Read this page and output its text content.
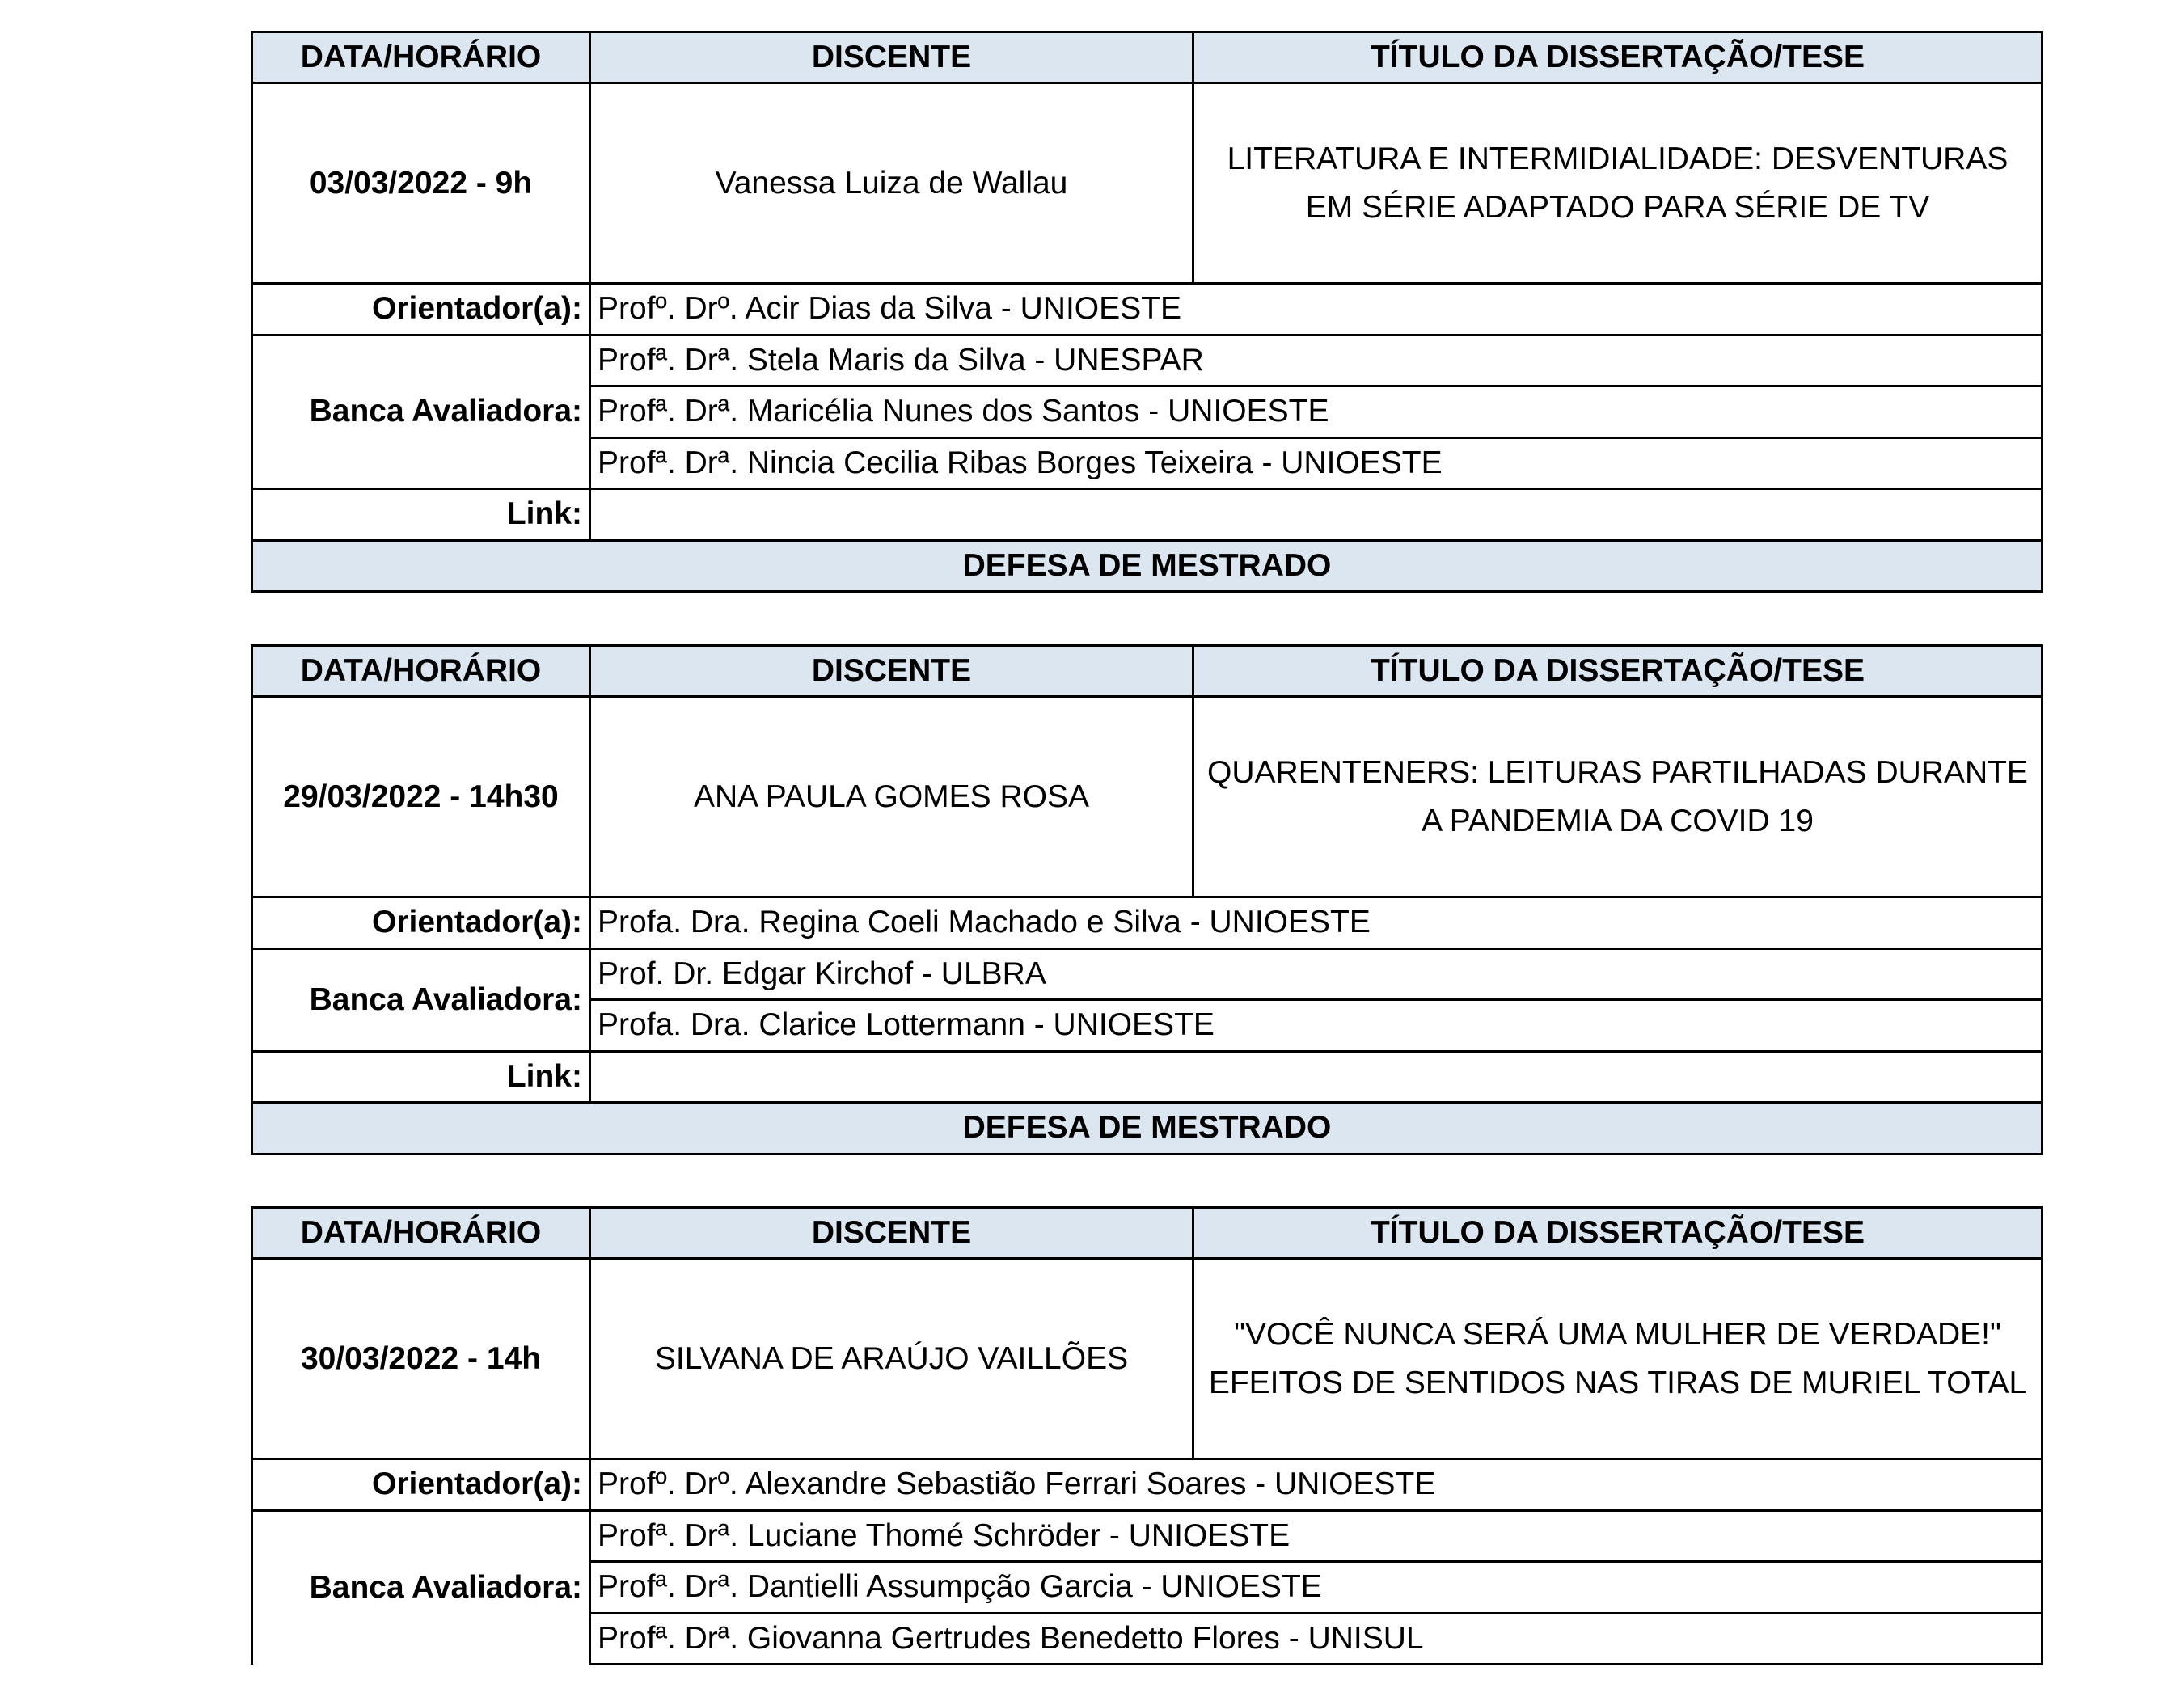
DATA/HORÁRIO	DISCENTE	TÍTULO DA DISSERTAÇÃO/TESE
03/03/2022 - 9h	Vanessa Luiza de Wallau	LITERATURA E INTERMIDIALIDADE: DESVENTURAS EM SÉRIE ADAPTADO PARA SÉRIE DE TV

Orientador(a):	Profº. Drº. Acir Dias da Silva - UNIOESTE	
Banca Avaliadora:	Profª. Drª. Stela Maris da Silva - UNESPAR	
	Profª. Drª. Maricélia Nunes dos Santos - UNIOESTE	
	Profª. Drª. Nincia Cecilia Ribas Borges Teixeira - UNIOESTE	
Link:		
DEFESA DE MESTRADO		
DATA/HORÁRIO	DISCENTE	TÍTULO DA DISSERTAÇÃO/TESE
29/03/2022 - 14h30	ANA PAULA GOMES ROSA	QUARENTENERS: LEITURAS PARTILHADAS DURANTE A PANDEMIA DA COVID 19

Orientador(a):	Profa. Dra. Regina Coeli Machado e Silva - UNIOESTE	
Banca Avaliadora:	Prof. Dr. Edgar Kirchof - ULBRA	
	Profa. Dra. Clarice Lottermann - UNIOESTE	
Link:		
DEFESA DE MESTRADO		
DATA/HORÁRIO	DISCENTE	TÍTULO DA DISSERTAÇÃO/TESE
30/03/2022 - 14h	SILVANA DE ARAÚJO VAILLÕES	"VOCÊ NUNCA SERÁ UMA MULHER DE VERDADE!" EFEITOS DE SENTIDOS NAS TIRAS DE MURIEL TOTAL

Orientador(a):	Profº. Drº. Alexandre Sebastião Ferrari Soares - UNIOESTE	
Banca Avaliadora:	Profª. Drª. Luciane Thomé Schröder - UNIOESTE	
	Profª. Drª. Dantielli Assumpção Garcia - UNIOESTE	
	Profª. Drª. Giovanna Gertrudes Benedetto Flores - UNISUL	
